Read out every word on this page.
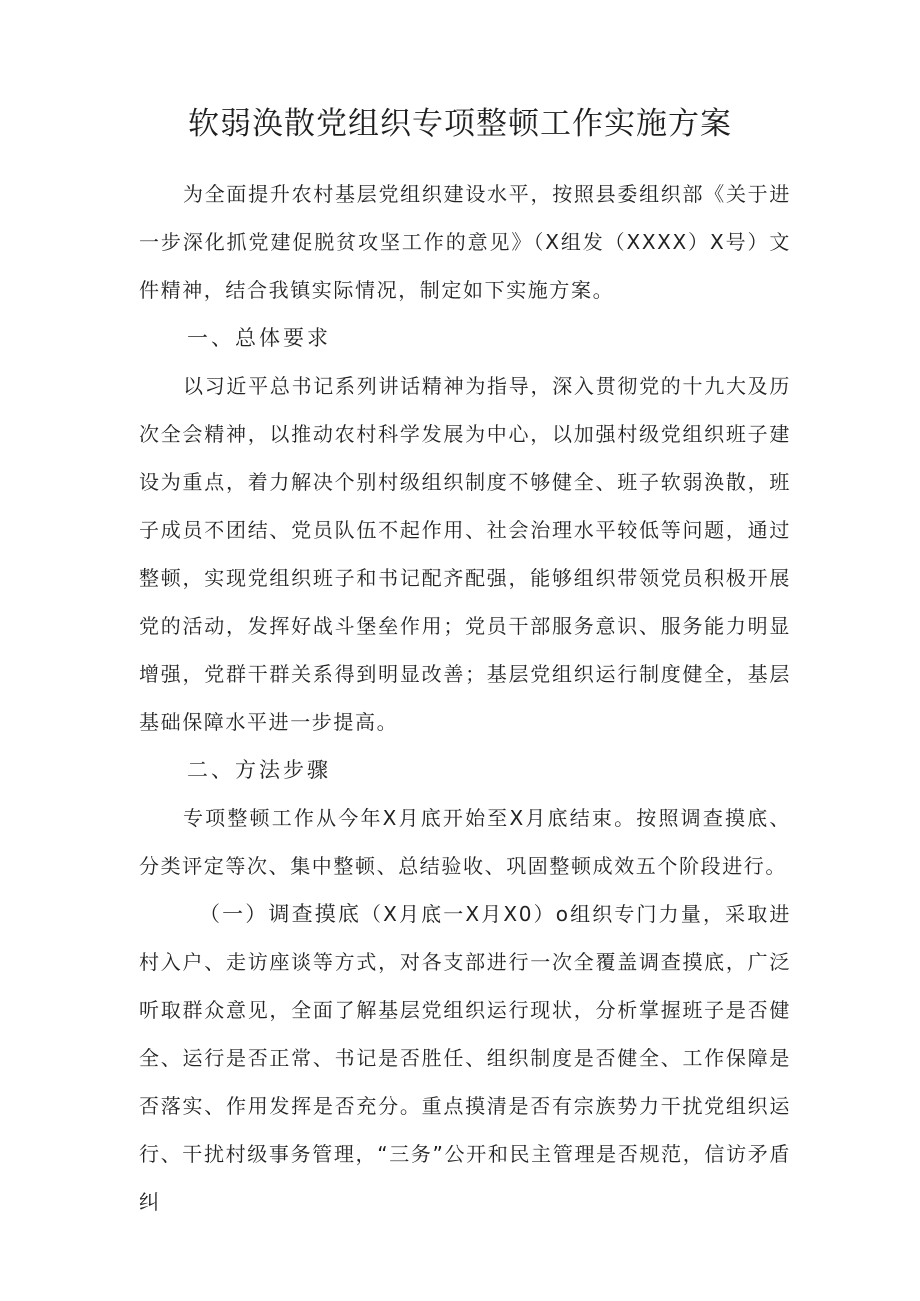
软弱涣散党组织专项整顿工作实施方案

为全面提升农村基层党组织建设水平，按照县委组织部《关于进一步深化抓党建促脱贫攻坚工作的意见》（X组发（XXXX）X号）文件精神，结合我镇实际情况，制定如下实施方案。

一、总体要求

以习近平总书记系列讲话精神为指导，深入贯彻党的十九大及历次全会精神，以推动农村科学发展为中心，以加强村级党组织班子建设为重点，着力解决个别村级组织制度不够健全、班子软弱涣散，班子成员不团结、党员队伍不起作用、社会治理水平较低等问题，通过整顿，实现党组织班子和书记配齐配强，能够组织带领党员积极开展党的活动，发挥好战斗堡垒作用；党员干部服务意识、服务能力明显增强，党群干群关系得到明显改善；基层党组织运行制度健全，基层基础保障水平进一步提高。

二、方法步骤

专项整顿工作从今年X月底开始至X月底结束。按照调查摸底、分类评定等次、集中整顿、总结验收、巩固整顿成效五个阶段进行。

（一）调查摸底（X月底一X月X0）o组织专门力量，采取进村入户、走访座谈等方式，对各支部进行一次全覆盖调查摸底，广泛听取群众意见，全面了解基层党组织运行现状，分析掌握班子是否健全、运行是否正常、书记是否胜任、组织制度是否健全、工作保障是否落实、作用发挥是否充分。重点摸清是否有宗族势力干扰党组织运行、干扰村级事务管理，“三务”公开和民主管理是否规范，信访矛盾纠
